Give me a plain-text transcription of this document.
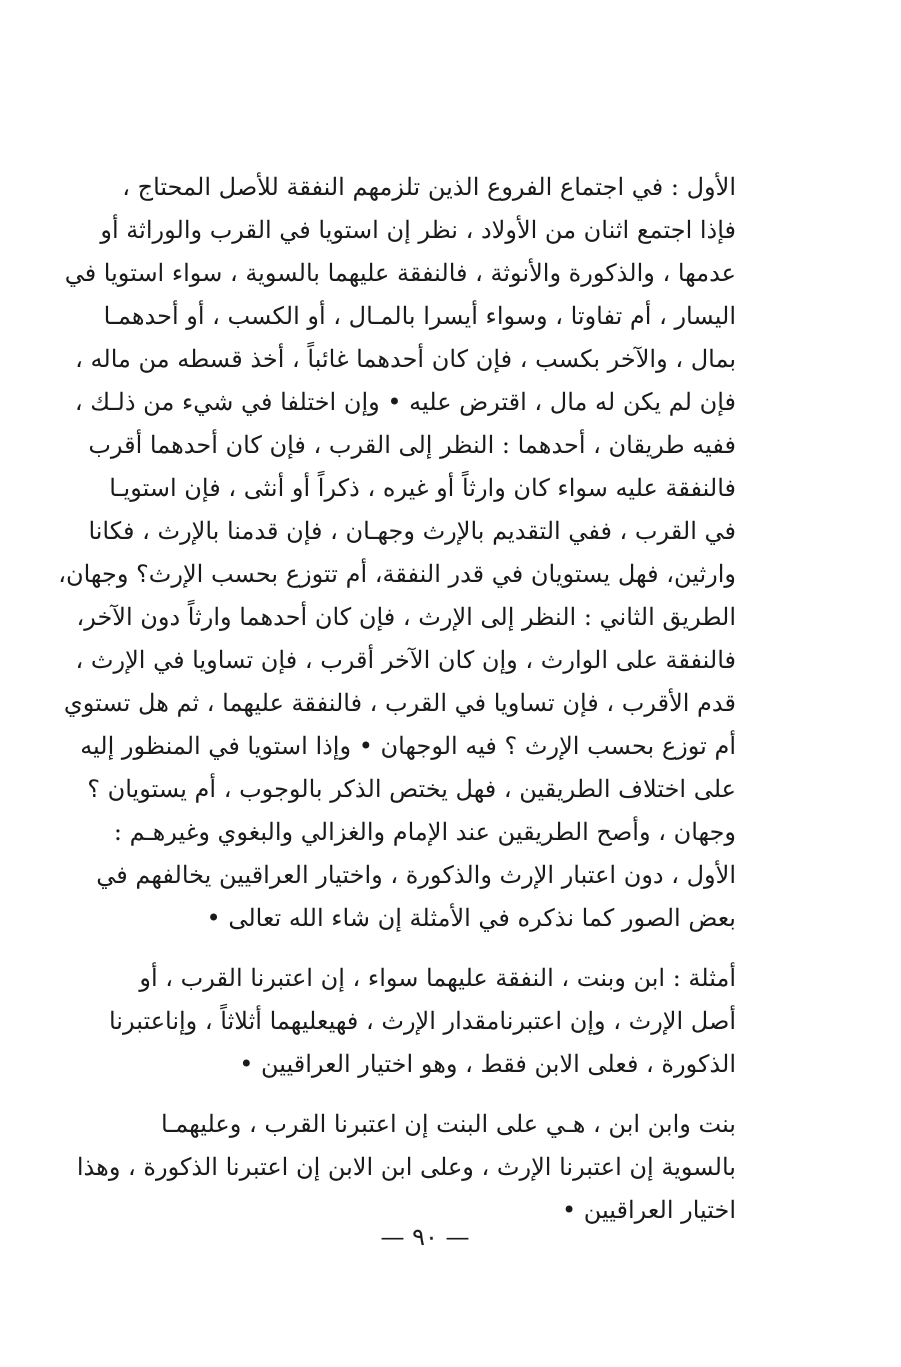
الأول : في اجتماع الفروع الذين تلزمهم النفقة للأصل المحتاج ،
فإذا اجتمع اثنان من الأولاد ، نظر إن استويا في القرب والوراثة أو
عدمها ، والذكورة والأنوثة ، فالنفقة عليهما بالسوية ، سواء استويا في
اليسار ، أم تفاوتا ، وسواء أيسرا بالمـال ، أو الكسب ، أو أحدهمـا
بمال ، والآخر بكسب ، فإن كان أحدهما غائباً ، أخذ قسطه من ماله ،
فإن لم يكن له مال ، اقترض عليه • وإن اختلفا في شيء من ذلـك ،
ففيه طريقان ، أحدهما : النظر إلى القرب ، فإن كان أحدهما أقرب
فالنفقة عليه سواء كان وارثاً أو غيره ، ذكراً أو أنثى ، فإن استويـا
في القرب ، ففي التقديم بالإرث وجهـان ، فإن قدمنا بالإرث ، فكانا
وارثين، فهل يستويان في قدر النفقة، أم تتوزع بحسب الإرث؟ وجهان،
الطريق الثاني : النظر إلى الإرث ، فإن كان أحدهما وارثاً دون الآخر،
فالنفقة على الوارث ، وإن كان الآخر أقرب ، فإن تساويا في الإرث ،
قدم الأقرب ، فإن تساويا في القرب ، فالنفقة عليهما ، ثم هل تستوي
أم توزع بحسب الإرث ؟ فيه الوجهان • وإذا استويا في المنظور إليه
على اختلاف الطريقين ، فهل يختص الذكر بالوجوب ، أم يستويان ؟
وجهان ، وأصح الطريقين عند الإمام والغزالي والبغوي وغيرهـم :
الأول ، دون اعتبار الإرث والذكورة ، واختيار العراقيين يخالفهم في
بعض الصور كما نذكره في الأمثلة إن شاء الله تعالى •
أمثلة : ابن وبنت ، النفقة عليهما سواء ، إن اعتبرنا القرب ، أو
أصل الإرث ، وإن اعتبرنامقدار الإرث ، فهيعليهما أثلاثاً ، وإناعتبرنا
الذكورة ، فعلى الابن فقط ، وهو اختيار العراقيين •
بنت وابن ابن ، هـي على البنت إن اعتبرنا القرب ، وعليهمـا
بالسوية إن اعتبرنا الإرث ، وعلى ابن الابن إن اعتبرنا الذكورة ، وهذا
اختيار العراقيين •
— ٩٠ —
